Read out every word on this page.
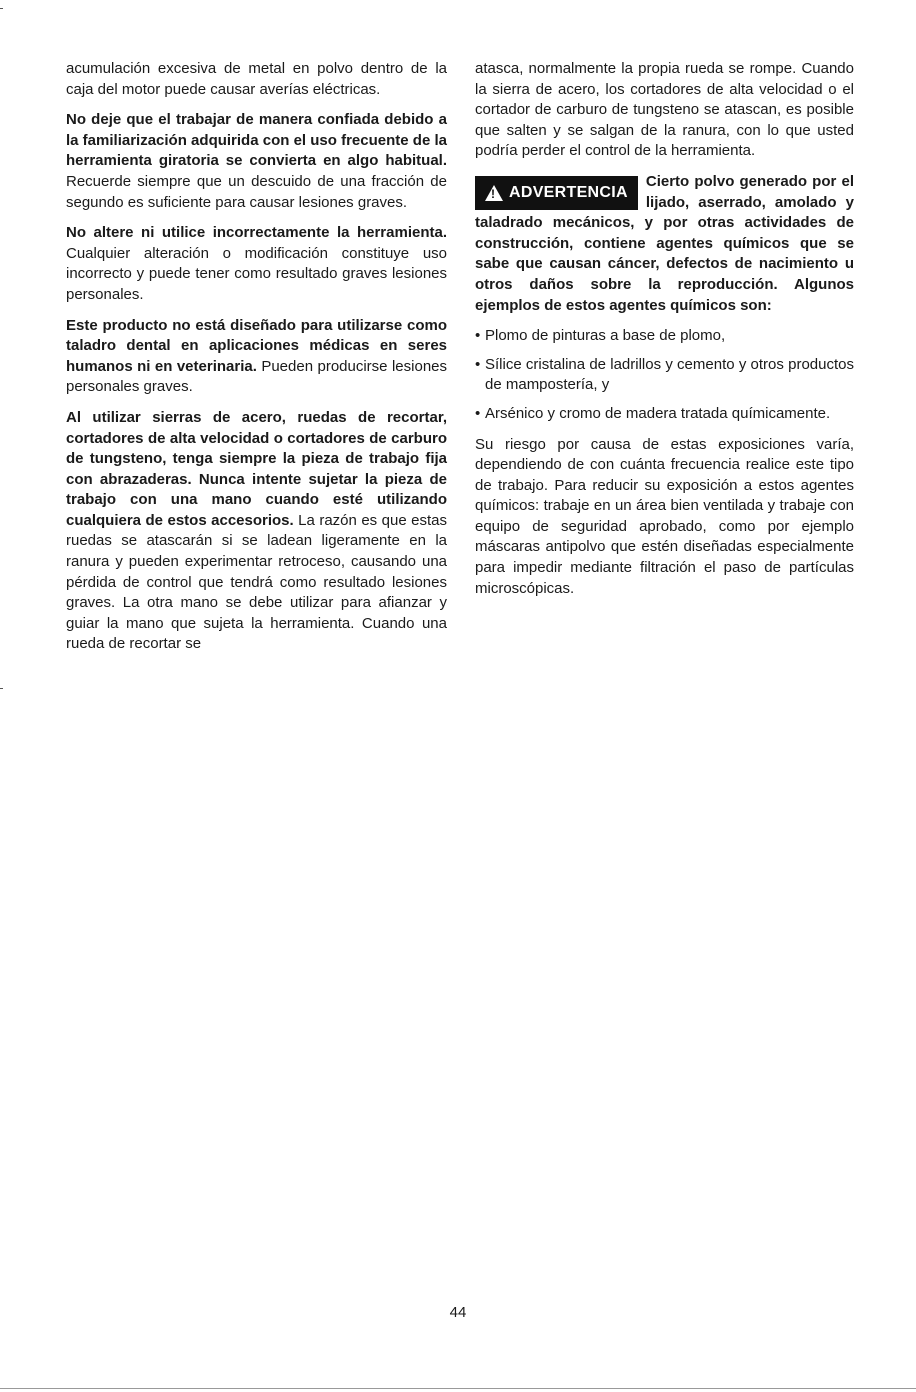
acumulación excesiva de metal en polvo dentro de la caja del motor puede causar averías eléctricas.

No deje que el trabajar de manera confiada debido a la familiarización adquirida con el uso frecuente de la herramienta giratoria se convierta en algo habitual. Recuerde siempre que un descuido de una fracción de segundo es suficiente para causar lesiones graves.

No altere ni utilice incorrectamente la herramienta. Cualquier alteración o modificación constituye uso incorrecto y puede tener como resultado graves lesiones personales.

Este producto no está diseñado para utilizarse como taladro dental en aplicaciones médicas en seres humanos ni en veterinaria. Pueden producirse lesiones personales graves.

Al utilizar sierras de acero, ruedas de recortar, cortadores de alta velocidad o cortadores de carburo de tungsteno, tenga siempre la pieza de trabajo fija con abrazaderas. Nunca intente sujetar la pieza de trabajo con una mano cuando esté utilizando cualquiera de estos accesorios. La razón es que estas ruedas se atascarán si se ladean ligeramente en la ranura y pueden experimentar retroceso, causando una pérdida de control que tendrá como resultado lesiones graves. La otra mano se debe utilizar para afianzar y guiar la mano que sujeta la herramienta. Cuando una rueda de recortar se

atasca, normalmente la propia rueda se rompe. Cuando la sierra de acero, los cortadores de alta velocidad o el cortador de carburo de tungsteno se atascan, es posible que salten y se salgan de la ranura, con lo que usted podría perder el control de la herramienta.

!
ADVERTENCIA
Cierto polvo generado por el lijado, aserrado, amolado y taladrado mecánicos, y por otras actividades de construcción, contiene agentes químicos que se sabe que causan cáncer, defectos de nacimiento u otros daños sobre la reproducción. Algunos ejemplos de estos agentes químicos son:
• Plomo de pinturas a base de plomo,
• Sílice cristalina de ladrillos y cemento y otros productos de mampostería, y
• Arsénico y cromo de madera tratada químicamente.

Su riesgo por causa de estas exposiciones varía, dependiendo de con cuánta frecuencia realice este tipo de trabajo. Para reducir su exposición a estos agentes químicos: trabaje en un área bien ventilada y trabaje con equipo de seguridad aprobado, como por ejemplo máscaras antipolvo que estén diseñadas especialmente para impedir mediante filtración el paso de partículas microscópicas.

44
